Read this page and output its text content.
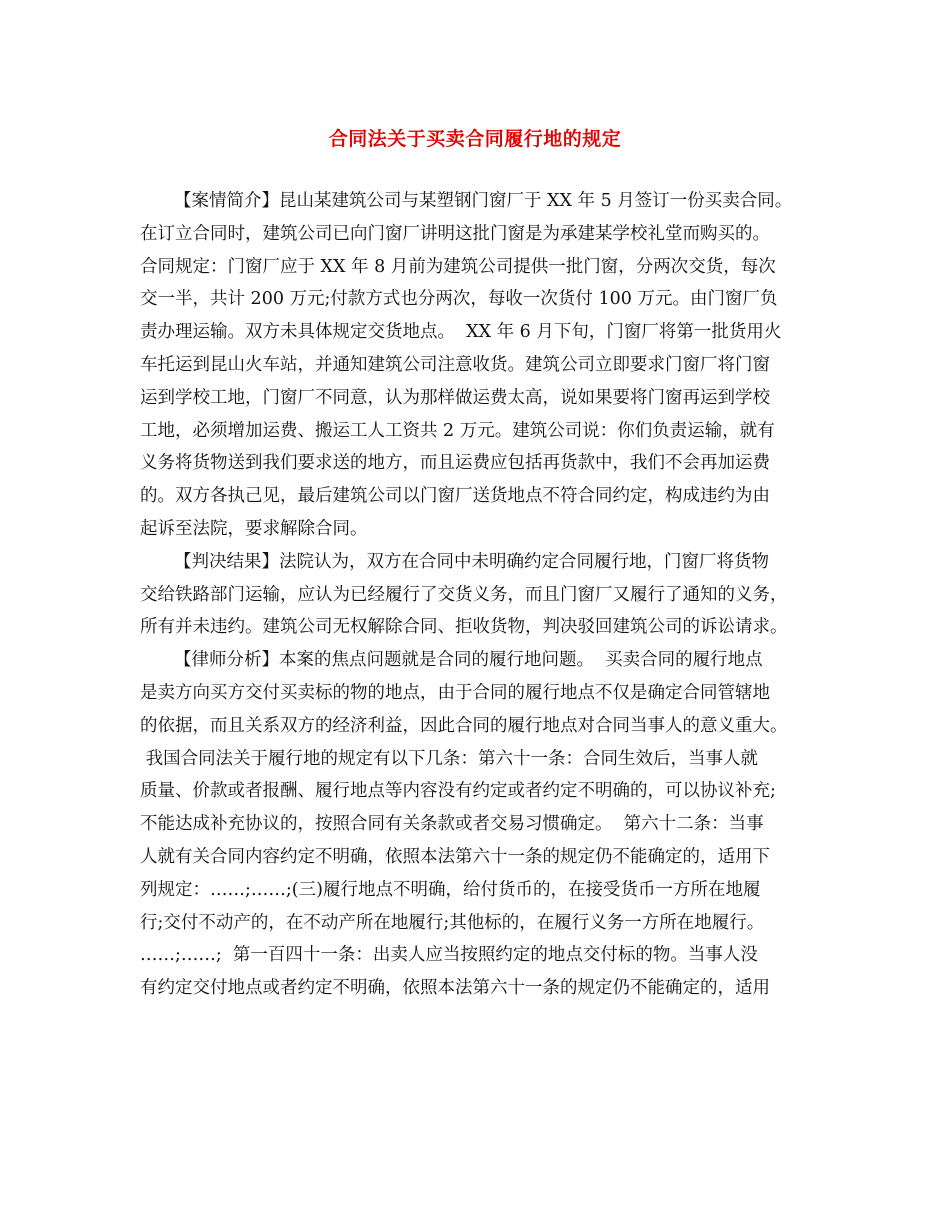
合同法关于买卖合同履行地的规定
【案情简介】昆山某建筑公司与某塑钢门窗厂于 XX 年 5 月签订一份买卖合同。
在订立合同时，建筑公司已向门窗厂讲明这批门窗是为承建某学校礼堂而购买的。
合同规定：门窗厂应于 XX 年 8 月前为建筑公司提供一批门窗，分两次交货，每次
交一半，共计 200 万元;付款方式也分两次，每收一次货付 100 万元。由门窗厂负
责办理运输。双方未具体规定交货地点。  XX 年 6 月下旬，门窗厂将第一批货用火
车托运到昆山火车站，并通知建筑公司注意收货。建筑公司立即要求门窗厂将门窗
运到学校工地，门窗厂不同意，认为那样做运费太高，说如果要将门窗再运到学校
工地，必须增加运费、搬运工人工资共 2 万元。建筑公司说：你们负责运输，就有
义务将货物送到我们要求送的地方，而且运费应包括再货款中，我们不会再加运费
的。双方各执己见，最后建筑公司以门窗厂送货地点不符合同约定，构成违约为由
起诉至法院，要求解除合同。
【判决结果】法院认为，双方在合同中未明确约定合同履行地，门窗厂将货物
交给铁路部门运输，应认为已经履行了交货义务，而且门窗厂又履行了通知的义务，
所有并未违约。建筑公司无权解除合同、拒收货物，判决驳回建筑公司的诉讼请求。
【律师分析】本案的焦点问题就是合同的履行地问题。  买卖合同的履行地点
是卖方向买方交付买卖标的物的地点，由于合同的履行地点不仅是确定合同管辖地
的依据，而且关系双方的经济利益，因此合同的履行地点对合同当事人的意义重大。
我国合同法关于履行地的规定有以下几条：第六十一条：合同生效后，当事人就
质量、价款或者报酬、履行地点等内容没有约定或者约定不明确的，可以协议补充;
不能达成补充协议的，按照合同有关条款或者交易习惯确定。  第六十二条：当事
人就有关合同内容约定不明确，依照本法第六十一条的规定仍不能确定的，适用下
列规定：……;……;(三)履行地点不明确，给付货币的，在接受货币一方所在地履
行;交付不动产的，在不动产所在地履行;其他标的，在履行义务一方所在地履行。
……;……;  第一百四十一条：出卖人应当按照约定的地点交付标的物。当事人没
有约定交付地点或者约定不明确，依照本法第六十一条的规定仍不能确定的，适用
